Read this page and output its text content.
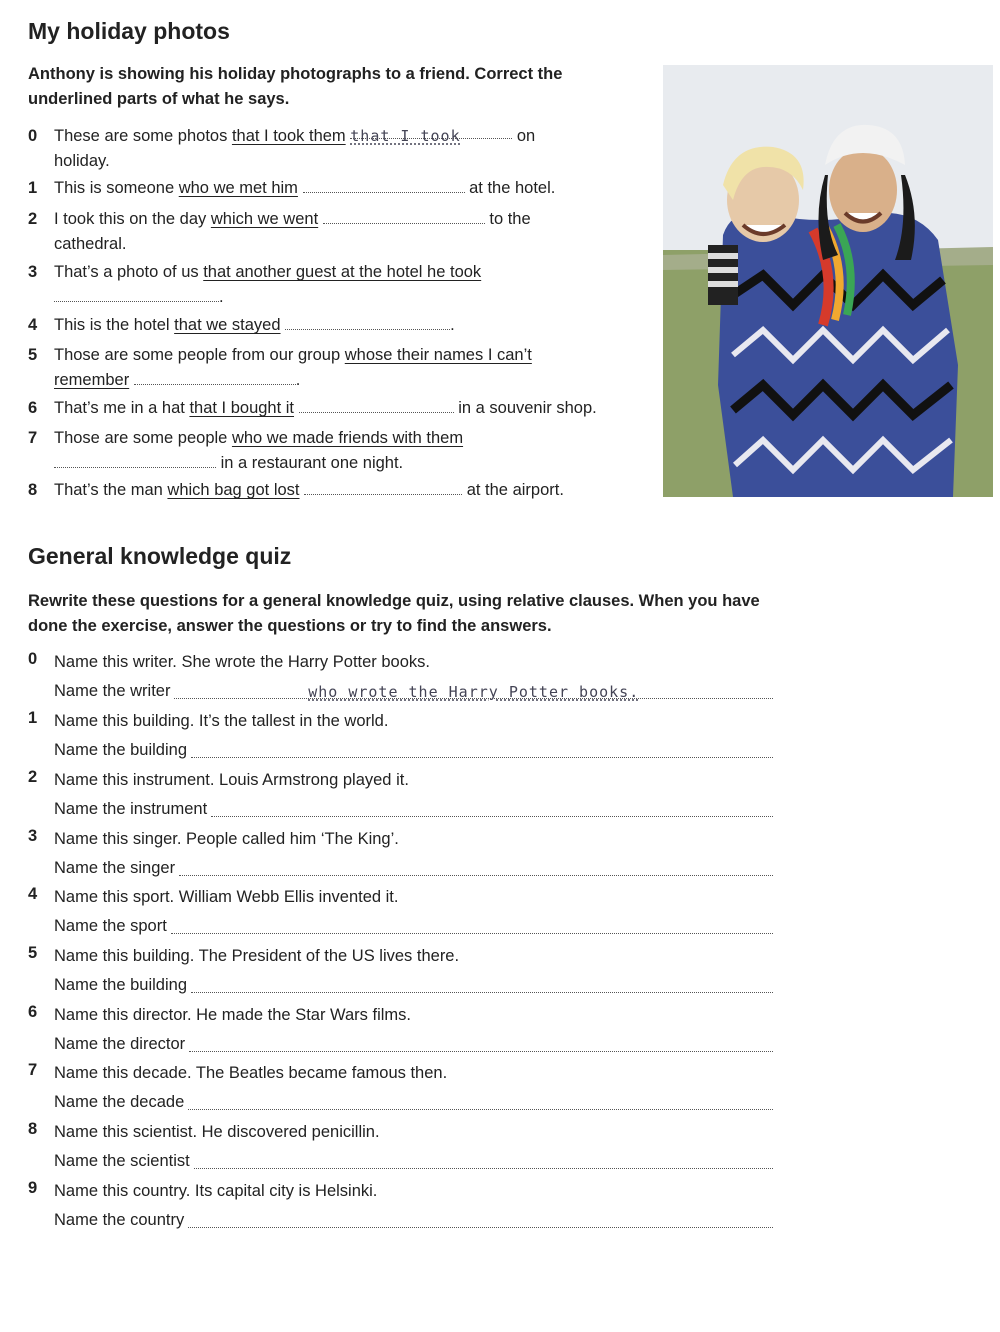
My holiday photos

Anthony is showing his holiday photographs to a friend. Correct the underlined parts of what he says.

0 These are some photos that I took them that I took	on
holiday.
1 This is someone who we met him	at the hotel.
2 I took this on the day which we went	to the
cathedral.
3 That’s a photo of us that another guest at the hotel he took
.
4 This is the hotel that we stayed	.
5 Those are some people from our group whose their names I can’t
remember	.
6 That’s me in a hat that I bought it	in a souvenir shop.
7 Those are some people who we made friends with them
in a restaurant one night.
8 That’s the man which bag got lost	at the airport.
General knowledge quiz

Rewrite these questions for a general knowledge quiz, using relative clauses. When you have done the exercise, answer the questions or try to find the answers.

0 Name this writer. She wrote the Harry Potter books.
Name the writer	who wrote the Harry Potter books.
1 Name this building. It’s the tallest in the world.
Name the building
2 Name this instrument. Louis Armstrong played it.
Name the instrument
3 Name this singer. People called him ‘The King’.
Name the singer
4 Name this sport. William Webb Ellis invented it.
Name the sport
5 Name this building. The President of the US lives there.
Name the building
6 Name this director. He made the Star Wars films.
Name the director
7 Name this decade. The Beatles became famous then.
Name the decade
8 Name this scientist. He discovered penicillin.
Name the scientist
9 Name this country. Its capital city is Helsinki.
Name the country
